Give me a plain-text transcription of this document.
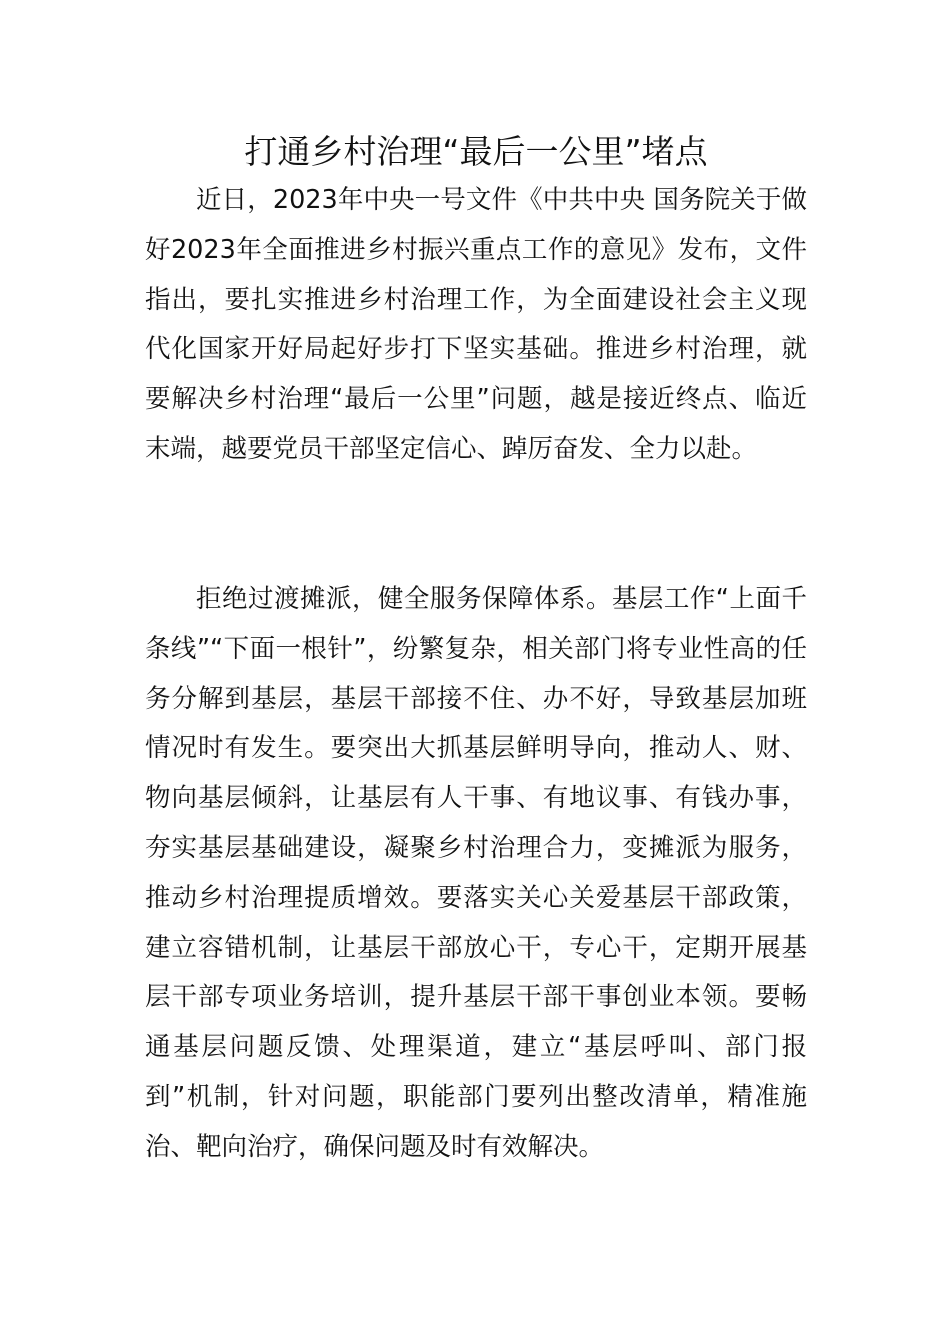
打通乡村治理“最后一公里”堵点

近日，2023年中央一号文件《中共中央 国务院关于做好2023年全面推进乡村振兴重点工作的意见》发布，文件指出，要扎实推进乡村治理工作，为全面建设社会主义现代化国家开好局起好步打下坚实基础。推进乡村治理，就要解决乡村治理“最后一公里”问题，越是接近终点、临近末端，越要党员干部坚定信心、踔厉奋发、全力以赴。

拒绝过渡摊派，健全服务保障体系。基层工作“上面千条线”“下面一根针”，纷繁复杂，相关部门将专业性高的任务分解到基层，基层干部接不住、办不好，导致基层加班情况时有发生。要突出大抓基层鲜明导向，推动人、财、物向基层倾斜，让基层有人干事、有地议事、有钱办事，夯实基层基础建设，凝聚乡村治理合力，变摊派为服务，推动乡村治理提质增效。要落实关心关爱基层干部政策，建立容错机制，让基层干部放心干，专心干，定期开展基层干部专项业务培训，提升基层干部干事创业本领。要畅通基层问题反馈、处理渠道，建立“基层呼叫、部门报到”机制，针对问题，职能部门要列出整改清单，精准施治、靶向治疗，确保问题及时有效解决。
